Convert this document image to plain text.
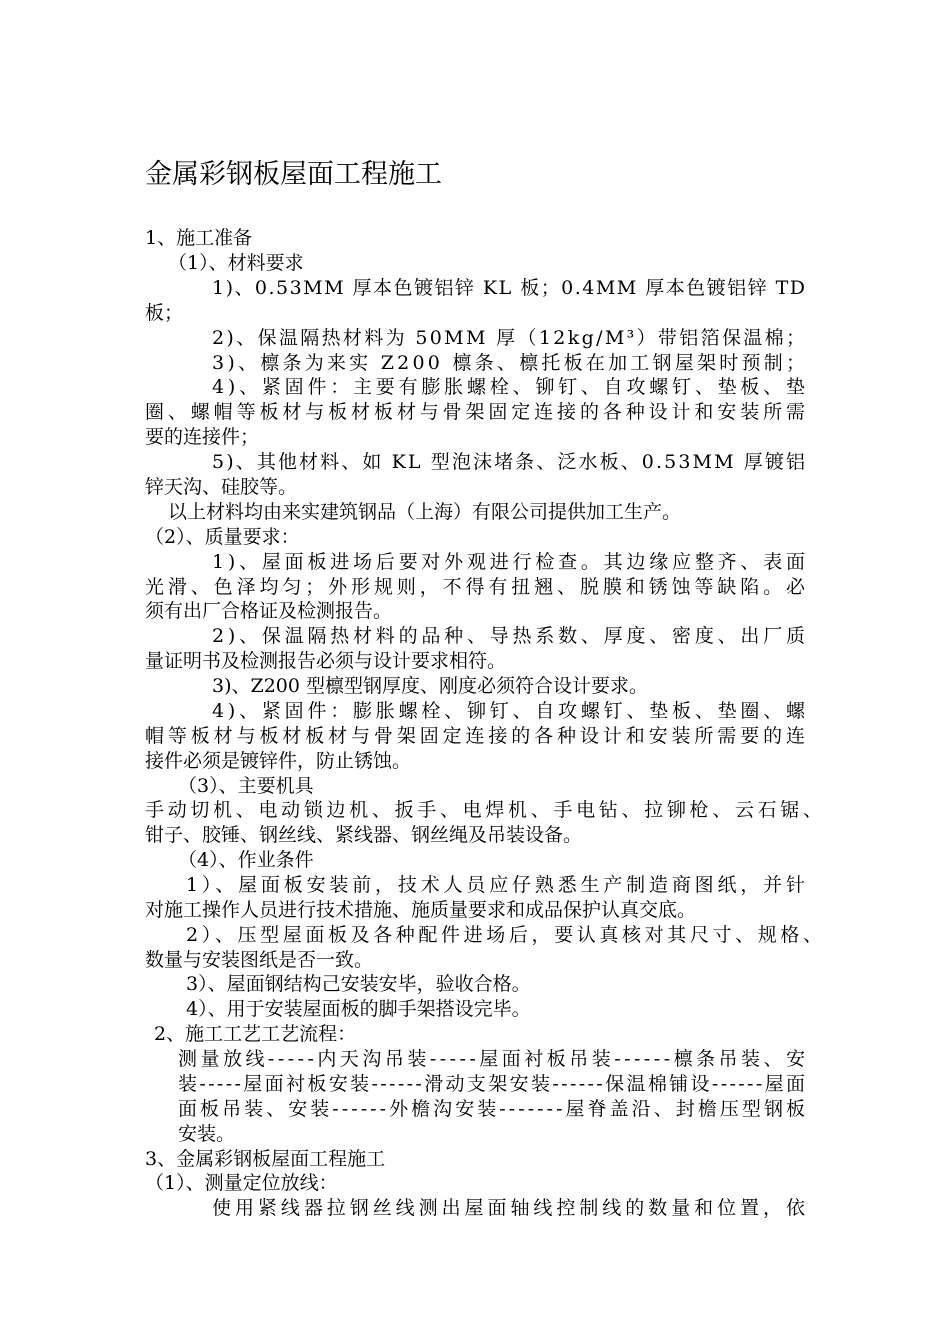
金属彩钢板屋面工程施工
1、施工准备
（1）、材料要求
1)、0.53MM 厚本色镀铝锌 KL 板；0.4MM 厚本色镀铝锌 TD
板；
2)、保温隔热材料为 50MM 厚（12kg/M³）带铝箔保温棉；
3)、檩条为来实 Z200 檩条、檩托板在加工钢屋架时预制；
4)、紧固件：主要有膨胀螺栓、铆钉、自攻螺钉、垫板、垫
圈、螺帽等板材与板材板材与骨架固定连接的各种设计和安装所需
要的连接件；
5)、其他材料、如 KL 型泡沫堵条、泛水板、0.53MM 厚镀铝
锌天沟、硅胶等。
以上材料均由来实建筑钢品（上海）有限公司提供加工生产。
（2）、质量要求：
1)、屋面板进场后要对外观进行检查。其边缘应整齐、表面
光滑、色泽均匀；外形规则，不得有扭翘、脱膜和锈蚀等缺陷。必
须有出厂合格证及检测报告。
2)、保温隔热材料的品种、导热系数、厚度、密度、出厂质
量证明书及检测报告必须与设计要求相符。
3)、Z200 型檩型钢厚度、刚度必须符合设计要求。
4)、紧固件：膨胀螺栓、铆钉、自攻螺钉、垫板、垫圈、螺
帽等板材与板材板材与骨架固定连接的各种设计和安装所需要的连
接件必须是镀锌件，防止锈蚀。
（3）、主要机具
手动切机、电动锁边机、扳手、电焊机、手电钻、拉铆枪、云石锯、
钳子、胶锤、钢丝线、紧线器、钢丝绳及吊装设备。
（4）、作业条件
1）、屋面板安装前，技术人员应仔熟悉生产制造商图纸，并针
对施工操作人员进行技术措施、施质量要求和成品保护认真交底。
2）、压型屋面板及各种配件进场后，要认真核对其尺寸、规格、
数量与安装图纸是否一致。
3）、屋面钢结构己安装安毕，验收合格。
4）、用于安装屋面板的脚手架搭设完毕。
2、施工工艺工艺流程：
测量放线-----内天沟吊装-----屋面衬板吊装------檩条吊装、安
装-----屋面衬板安装------滑动支架安装------保温棉铺设------屋面
面板吊装、安装------外檐沟安装-------屋脊盖沿、封檐压型钢板
安装。
3、金属彩钢板屋面工程施工
（1）、测量定位放线：
使用紧线器拉钢丝线测出屋面轴线控制线的数量和位置，依
